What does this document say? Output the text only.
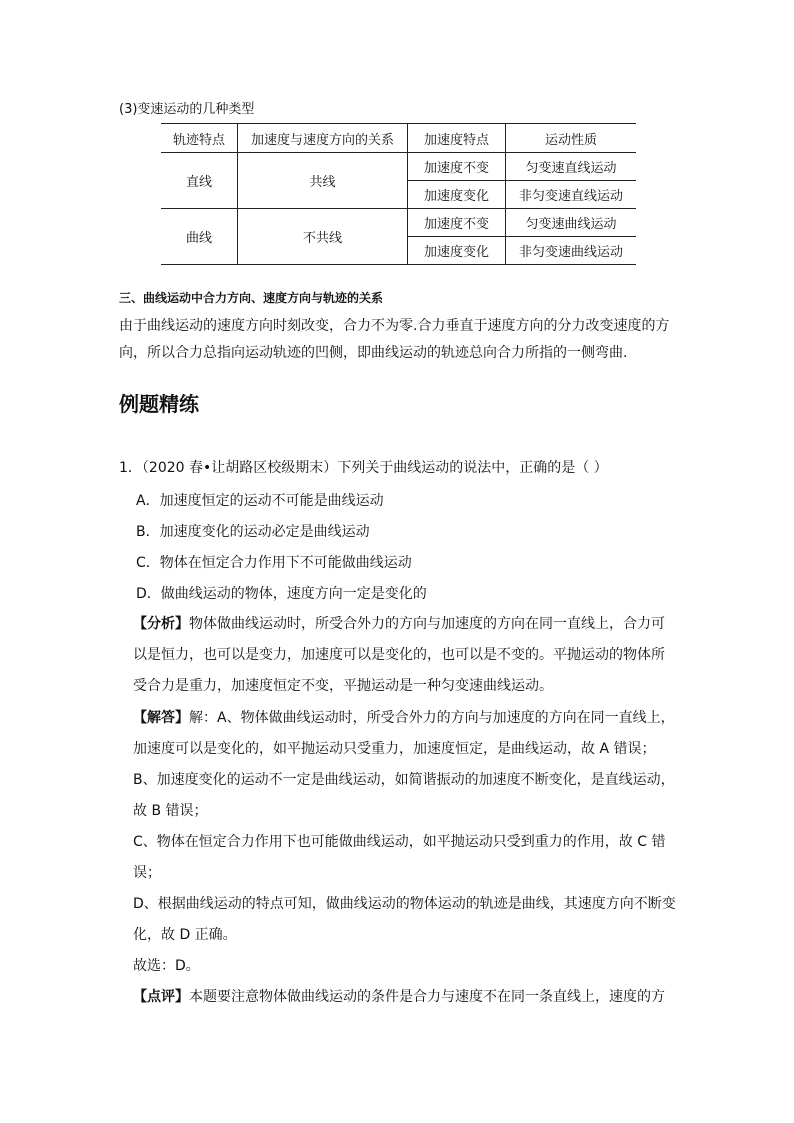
(3)变速运动的几种类型
轨迹特点	加速度与速度方向的关系	加速度特点	运动性质
直线	共线	加速度不变	匀变速直线运动
		加速度变化	非匀变速直线运动
曲线	不共线	加速度不变	匀变速曲线运动
		加速度变化	非匀变速曲线运动
三、曲线运动中合力方向、速度方向与轨迹的关系
由于曲线运动的速度方向时刻改变，合力不为零.合力垂直于速度方向的分力改变速度的方
向，所以合力总指向运动轨迹的凹侧，即曲线运动的轨迹总向合力所指的一侧弯曲.
例题精练
1．（2020 春•让胡路区校级期末）下列关于曲线运动的说法中，正确的是（ ）
A．加速度恒定的运动不可能是曲线运动
B．加速度变化的运动必定是曲线运动
C．物体在恒定合力作用下不可能做曲线运动
D．做曲线运动的物体，速度方向一定是变化的
【分析】物体做曲线运动时，所受合外力的方向与加速度的方向在同一直线上，合力可
以是恒力，也可以是变力，加速度可以是变化的，也可以是不变的。平抛运动的物体所
受合力是重力，加速度恒定不变，平抛运动是一种匀变速曲线运动。
【解答】解：A、物体做曲线运动时，所受合外力的方向与加速度的方向在同一直线上，
加速度可以是变化的，如平抛运动只受重力，加速度恒定，是曲线运动，故 A 错误；
B、加速度变化的运动不一定是曲线运动，如简谐振动的加速度不断变化，是直线运动，
故 B 错误；
C、物体在恒定合力作用下也可能做曲线运动，如平抛运动只受到重力的作用，故 C 错
误；
D、根据曲线运动的特点可知，做曲线运动的物体运动的轨迹是曲线，其速度方向不断变
化，故 D 正确。
故选：D。
【点评】本题要注意物体做曲线运动的条件是合力与速度不在同一条直线上，速度的方
